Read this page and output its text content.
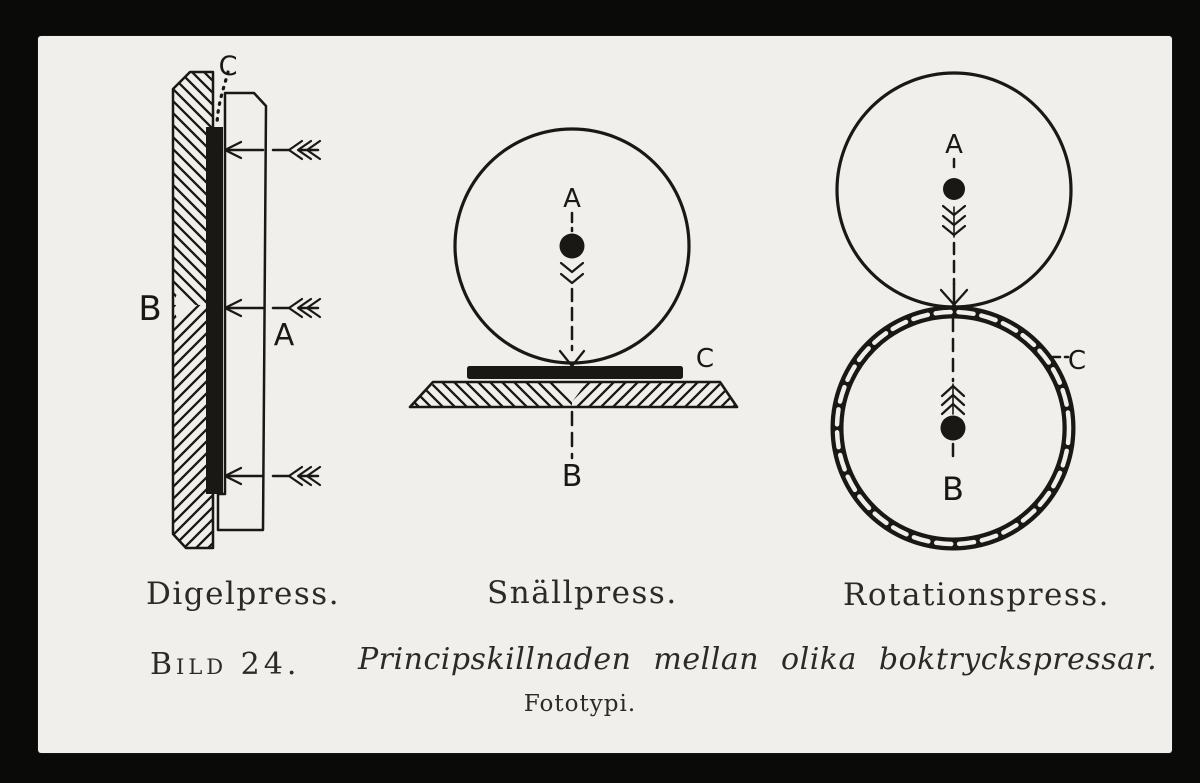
C
B
A
A
C
B
A
B
C
Digelpress.	Snällpress.	Rotationspress.
Bild 24. Principskillnaden mellan olika boktryckspressar.
Fototypi.
